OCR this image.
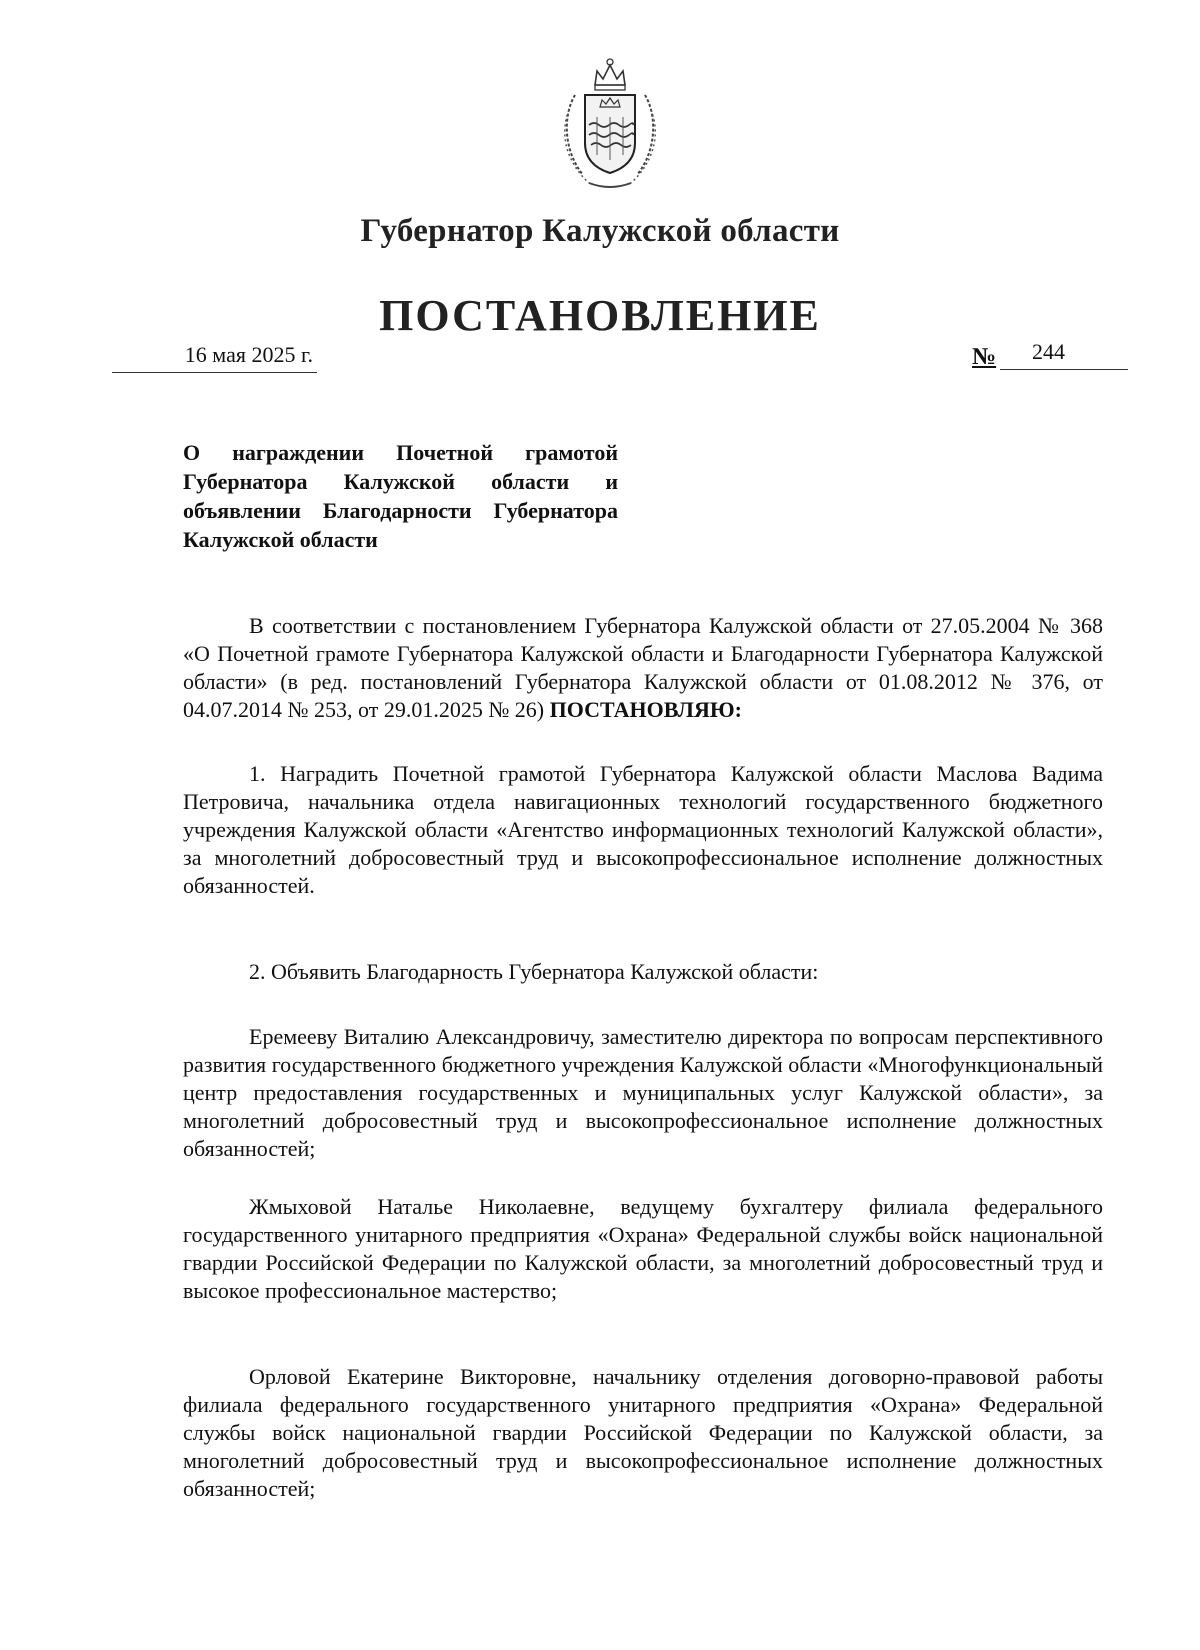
Губернатор Калужской области
ПОСТАНОВЛЕНИЕ
16 мая 2025 г.	№ 244
О награждении Почетной грамотой Губернатора Калужской области и объявлении Благодарности Губернатора Калужской области

В соответствии с постановлением Губернатора Калужской области от 27.05.2004 № 368 «О Почетной грамоте Губернатора Калужской области и Благодарности Губернатора Калужской области» (в ред. постановлений Губернатора Калужской области от 01.08.2012 № 376, от 04.07.2014 № 253, от 29.01.2025 № 26) ПОСТАНОВЛЯЮ:

1. Наградить Почетной грамотой Губернатора Калужской области Маслова Вадима Петровича, начальника отдела навигационных технологий государственного бюджетного учреждения Калужской области «Агентство информационных технологий Калужской области», за многолетний добросовестный труд и высокопрофессиональное исполнение должностных обязанностей.

2. Объявить Благодарность Губернатора Калужской области:

Еремееву Виталию Александровичу, заместителю директора по вопросам перспективного развития государственного бюджетного учреждения Калужской области «Многофункциональный центр предоставления государственных и муниципальных услуг Калужской области», за многолетний добросовестный труд и высокопрофессиональное исполнение должностных обязанностей;

Жмыховой Наталье Николаевне, ведущему бухгалтеру филиала федерального государственного унитарного предприятия «Охрана» Федеральной службы войск национальной гвардии Российской Федерации по Калужской области, за многолетний добросовестный труд и высокое профессиональное мастерство;

Орловой Екатерине Викторовне, начальнику отделения договорно-правовой работы филиала федерального государственного унитарного предприятия «Охрана» Федеральной службы войск национальной гвардии Российской Федерации по Калужской области, за многолетний добросовестный труд и высокопрофессиональное исполнение должностных обязанностей;
